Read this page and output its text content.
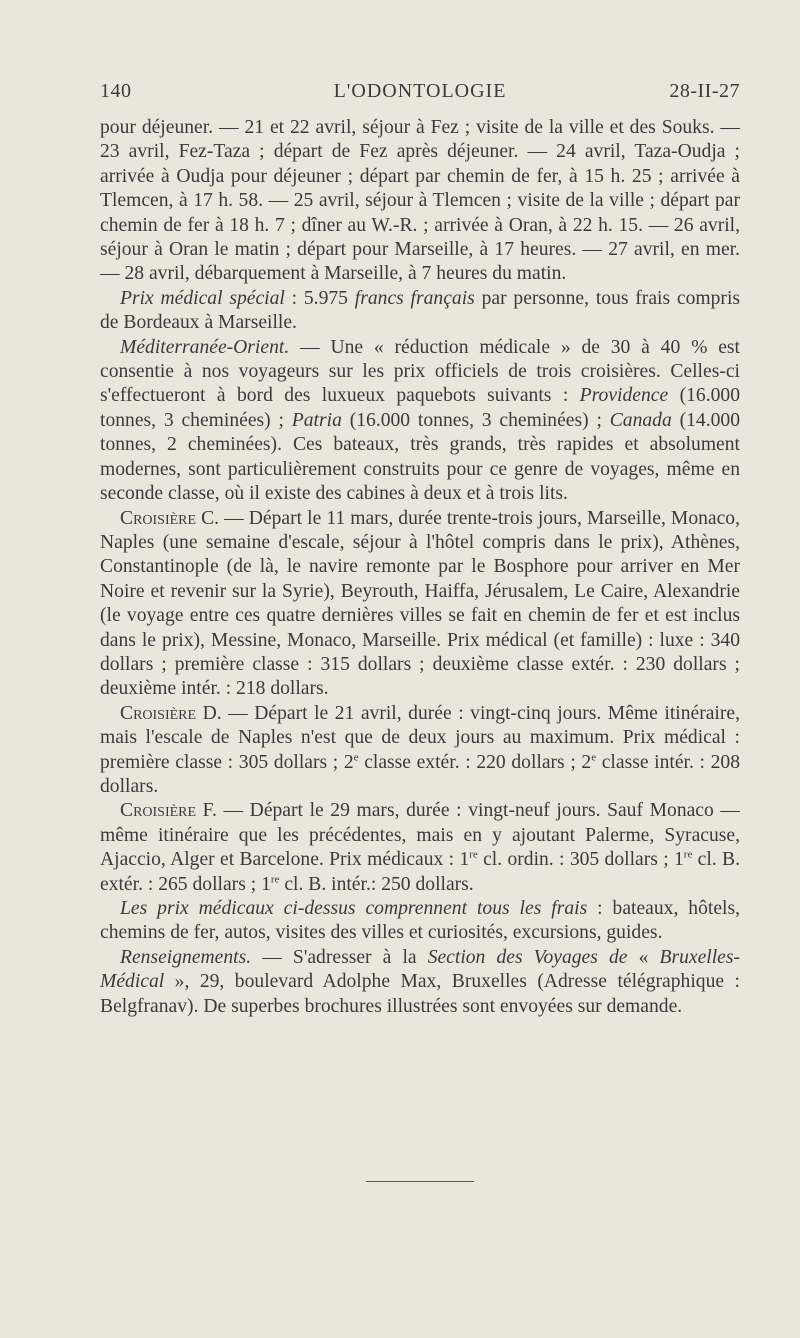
140	L'ODONTOLOGIE	28-II-27

pour déjeuner. — 21 et 22 avril, séjour à Fez ; visite de la ville et des Souks. — 23 avril, Fez-Taza ; départ de Fez après déjeuner. — 24 avril, Taza-Oudja ; arrivée à Oudja pour déjeuner ; départ par chemin de fer, à 15 h. 25 ; arrivée à Tlemcen, à 17 h. 58. — 25 avril, séjour à Tlemcen ; visite de la ville ; départ par chemin de fer à 18 h. 7 ; dîner au W.-R. ; arrivée à Oran, à 22 h. 15. — 26 avril, séjour à Oran le matin ; départ pour Marseille, à 17 heures. — 27 avril, en mer. — 28 avril, débarquement à Marseille, à 7 heures du matin.

Prix médical spécial : 5.975 francs français par personne, tous frais compris de Bordeaux à Marseille.

Méditerranée-Orient. — Une « réduction médicale » de 30 à 40 % est consentie à nos voyageurs sur les prix officiels de trois croisières. Celles-ci s'effectueront à bord des luxueux paquebots suivants : Providence (16.000 tonnes, 3 cheminées) ; Patria (16.000 tonnes, 3 cheminées) ; Canada (14.000 tonnes, 2 cheminées). Ces bateaux, très grands, très rapides et absolument modernes, sont particulièrement construits pour ce genre de voyages, même en seconde classe, où il existe des cabines à deux et à trois lits.

Croisière C. — Départ le 11 mars, durée trente-trois jours, Marseille, Monaco, Naples (une semaine d'escale, séjour à l'hôtel compris dans le prix), Athènes, Constantinople (de là, le navire remonte par le Bosphore pour arriver en Mer Noire et revenir sur la Syrie), Beyrouth, Haiffa, Jérusalem, Le Caire, Alexandrie (le voyage entre ces quatre dernières villes se fait en chemin de fer et est inclus dans le prix), Messine, Monaco, Marseille. Prix médical (et famille) : luxe : 340 dollars ; première classe : 315 dollars ; deuxième classe extér. : 230 dollars ; deuxième intér. : 218 dollars.

Croisière D. — Départ le 21 avril, durée : vingt-cinq jours. Même itinéraire, mais l'escale de Naples n'est que de deux jours au maximum. Prix médical : première classe : 305 dollars ; 2e classe extér. : 220 dollars ; 2e classe intér. : 208 dollars.

Croisière F. — Départ le 29 mars, durée : vingt-neuf jours. Sauf Monaco — même itinéraire que les précédentes, mais en y ajoutant Palerme, Syracuse, Ajaccio, Alger et Barcelone. Prix médicaux : 1re cl. ordin. : 305 dollars ; 1re cl. B. extér. : 265 dollars ; 1re cl. B. intér.: 250 dollars.

Les prix médicaux ci-dessus comprennent tous les frais : bateaux, hôtels, chemins de fer, autos, visites des villes et curiosités, excursions, guides.

Renseignements. — S'adresser à la Section des Voyages de « Bruxelles-Médical », 29, boulevard Adolphe Max, Bruxelles (Adresse télégraphique : Belgfranav). De superbes brochures illustrées sont envoyées sur demande.
